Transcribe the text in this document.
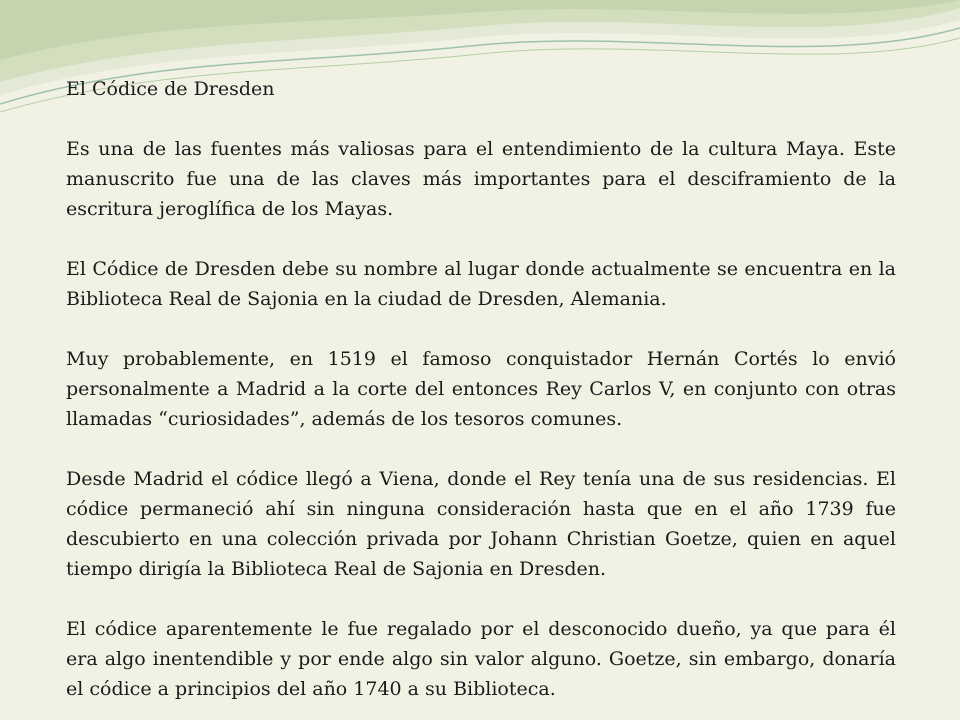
El Códice de Dresden
Es una de las fuentes más valiosas para el entendimiento de la cultura Maya. Este manuscrito fue una de las claves más importantes para el desciframiento de la escritura jeroglífica de los Mayas.
El Códice de Dresden debe su nombre al lugar donde actualmente se encuentra en la Biblioteca Real de Sajonia en la ciudad de Dresden, Alemania.
Muy probablemente, en 1519 el famoso conquistador Hernán Cortés lo envió personalmente a Madrid a la corte del entonces Rey Carlos V, en conjunto con otras llamadas “curiosidades”, además de los tesoros comunes.
Desde Madrid el códice llegó a Viena, donde el Rey tenía una de sus residencias. El códice permaneció ahí sin ninguna consideración hasta que en el año 1739 fue descubierto en una colección privada por Johann Christian Goetze, quien en aquel tiempo dirigía la Biblioteca Real de Sajonia en Dresden.
El códice aparentemente le fue regalado por el desconocido dueño, ya que para él era algo inentendible y por ende algo sin valor alguno. Goetze, sin embargo, donaría el códice a principios del año 1740 a su Biblioteca.
